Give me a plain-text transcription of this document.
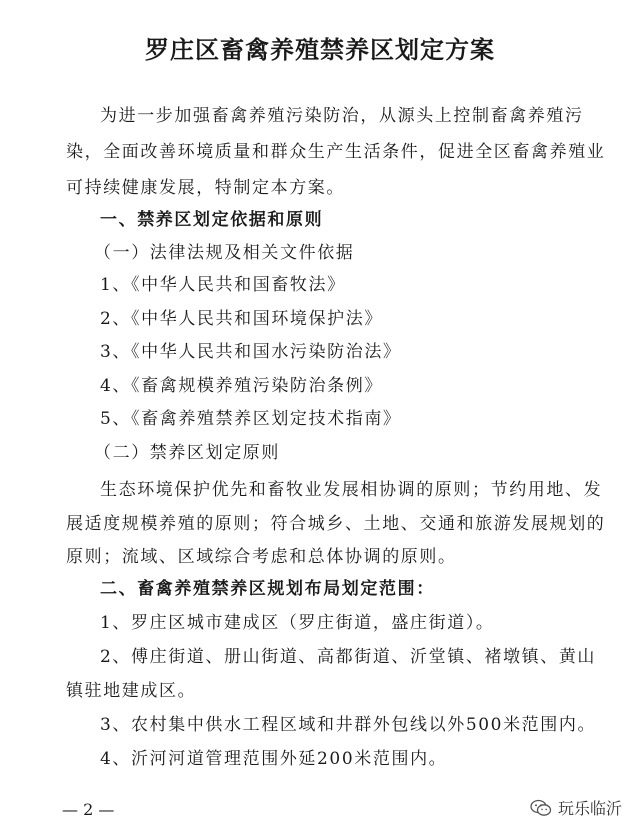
罗庄区畜禽养殖禁养区划定方案
为进一步加强畜禽养殖污染防治，从源头上控制畜禽养殖污
染，全面改善环境质量和群众生产生活条件，促进全区畜禽养殖业
可持续健康发展，特制定本方案。
一、禁养区划定依据和原则
（一）法律法规及相关文件依据
1、《中华人民共和国畜牧法》
2、《中华人民共和国环境保护法》
3、《中华人民共和国水污染防治法》
4、《畜禽规模养殖污染防治条例》
5、《畜禽养殖禁养区划定技术指南》
（二）禁养区划定原则
生态环境保护优先和畜牧业发展相协调的原则；节约用地、发
展适度规模养殖的原则；符合城乡、土地、交通和旅游发展规划的
原则；流域、区域综合考虑和总体协调的原则。
二、畜禽养殖禁养区规划布局划定范围：
1、罗庄区城市建成区（罗庄街道，盛庄街道）。
2、傅庄街道、册山街道、高都街道、沂堂镇、褚墩镇、黄山
镇驻地建成区。
3、农村集中供水工程区域和井群外包线以外500米范围内。
4、沂河河道管理范围外延200米范围内。
— 2 —	玩乐临沂
